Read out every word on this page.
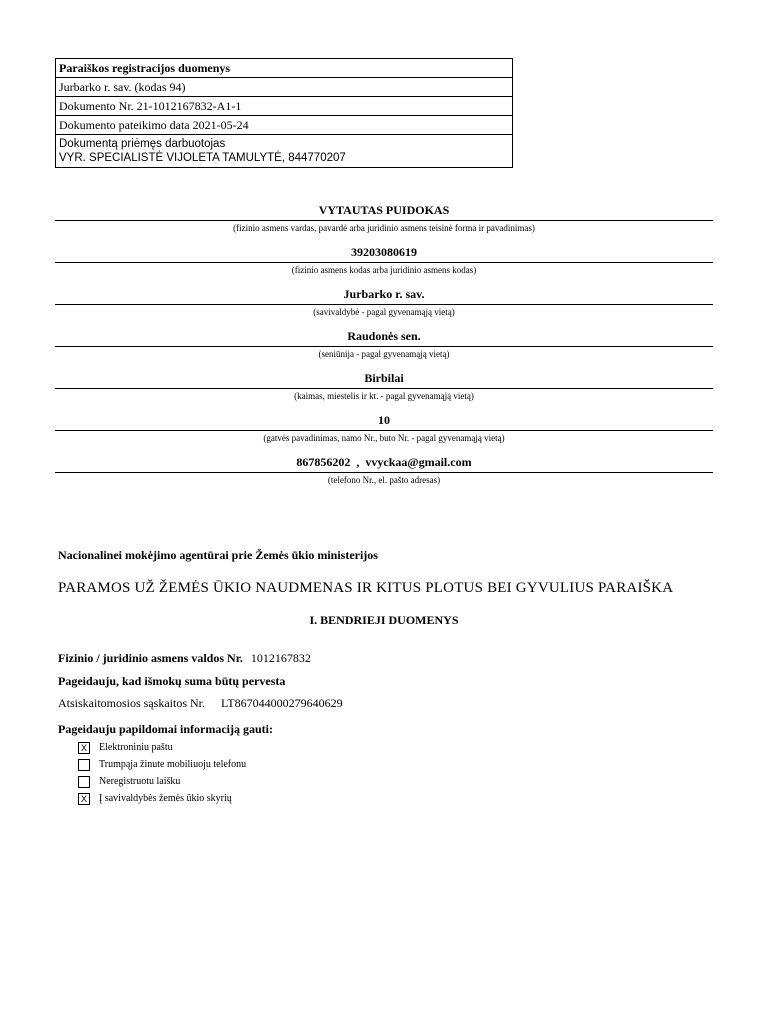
Paraiškos registracijos duomenys
Jurbarko r. sav. (kodas 94)
Dokumento Nr. 21-1012167832-A1-1
Dokumento pateikimo data 2021-05-24
Dokumentą priėmęs darbuotojas
VYR. SPECIALISTĖ VIJOLETA TAMULYTĖ, 844770207
VYTAUTAS PUIDOKAS
(fizinio asmens vardas, pavardė arba juridinio asmens teisinė forma ir pavadinimas)
39203080619
(fizinio asmens kodas arba juridinio asmens kodas)
Jurbarko r. sav.
(savivaldybė - pagal gyvenamąją vietą)
Raudonės sen.
(seniūnija - pagal gyvenamąją vietą)
Birbilai
(kaimas, miestelis ir kt. - pagal gyvenamąją vietą)
10
(gatvės pavadinimas, namo Nr., buto Nr. - pagal gyvenamąją vietą)
867856202  ,  vvyckaa@gmail.com
(telefono Nr., el. pašto adresas)
Nacionalinei mokėjimo agentūrai prie Žemės ūkio ministerijos
PARAMOS UŽ ŽEMĖS ŪKIO NAUDMENAS IR KITUS PLOTUS BEI GYVULIUS PARAIŠKA
I. BENDRIEJI DUOMENYS
Fizinio / juridinio asmens valdos Nr. 1012167832
Pageidauju, kad išmokų suma būtų pervesta
Atsiskaitomosios sąskaitos Nr. LT867044000279640629
Pageidauju papildomai informaciją gauti:
X	Elektroniniu paštu
Trumpąja žinute mobiliuoju telefonu
Neregistruotu laišku
X	Į savivaldybės žemės ūkio skyrių
